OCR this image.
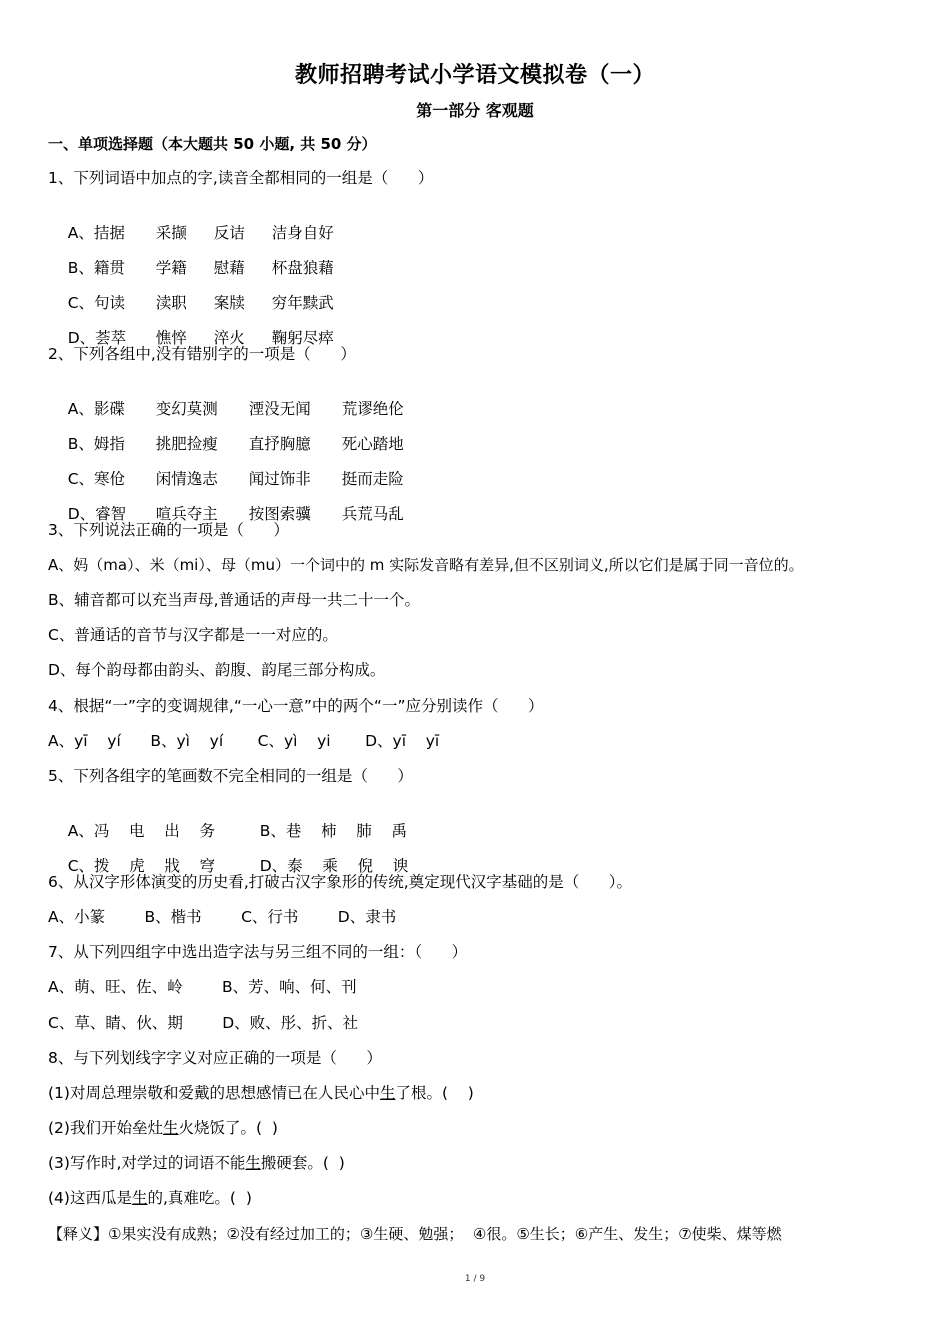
教师招聘考试小学语文模拟卷（一）
第一部分 客观题
一、单项选择题（本大题共 50 小题, 共 50 分）
1、下列词语中加点的字,读音全都相同的一组是（      ）

A、拮据 采撷 反诘 洁身自好

B、籍贯 学籍 慰藉 杯盘狼藉

C、句读 渎职 案牍 穷年黩武

D、荟萃 憔悴 淬火 鞠躬尽瘁

2、下列各组中,没有错别字的一项是（      ）

A、影碟 变幻莫测 湮没无闻 荒谬绝伦

B、姆指 挑肥捡瘦 直抒胸臆 死心踏地

C、寒伧 闲情逸志 闻过饰非 挺而走险

D、睿智 喧兵夺主 按图索骥 兵荒马乱

3、下列说法正确的一项是（      ）
A、妈（ma）、米（mi）、母（mu）一个词中的 m 实际发音略有差异,但不区别词义,所以它们是属于同一音位的。
B、辅音都可以充当声母,普通话的声母一共二十一个。
C、普通话的音节与汉字都是一一对应的。
D、每个韵母都由韵头、韵腹、韵尾三部分构成。
4、根据“一”字的变调规律,“一心一意”中的两个“一”应分别读作（      ）
A、yī    yí      B、yì    yí       C、yì    yi       D、yī    yī
5、下列各组字的笔画数不完全相同的一组是（      ）

A、冯    电    出    务	B、巷    柿    肺    禹

C、拨    虎    戕    穹	D、泰    乘    倪    谀

6、从汉字形体演变的历史看,打破古汉字象形的传统,奠定现代汉字基础的是（      ）。
A、小篆        B、楷书        C、行书        D、隶书
7、从下列四组字中选出造字法与另三组不同的一组：（      ）
A、萌、旺、佐、岭        B、芳、响、何、刊
C、草、睛、伙、期        D、败、彤、折、社
8、与下列划线字字义对应正确的一项是（      ）
(1)对周总理崇敬和爱戴的思想感情已在人民心中生了根。(    )
(2)我们开始垒灶生火烧饭了。(  )
(3)写作时,对学过的词语不能生搬硬套。(  )
(4)这西瓜是生的,真难吃。(  )
【释义】①果实没有成熟；②没有经过加工的；③生硬、勉强；  ④很。⑤生长；⑥产生、发生；⑦使柴、煤等燃
1 / 9
